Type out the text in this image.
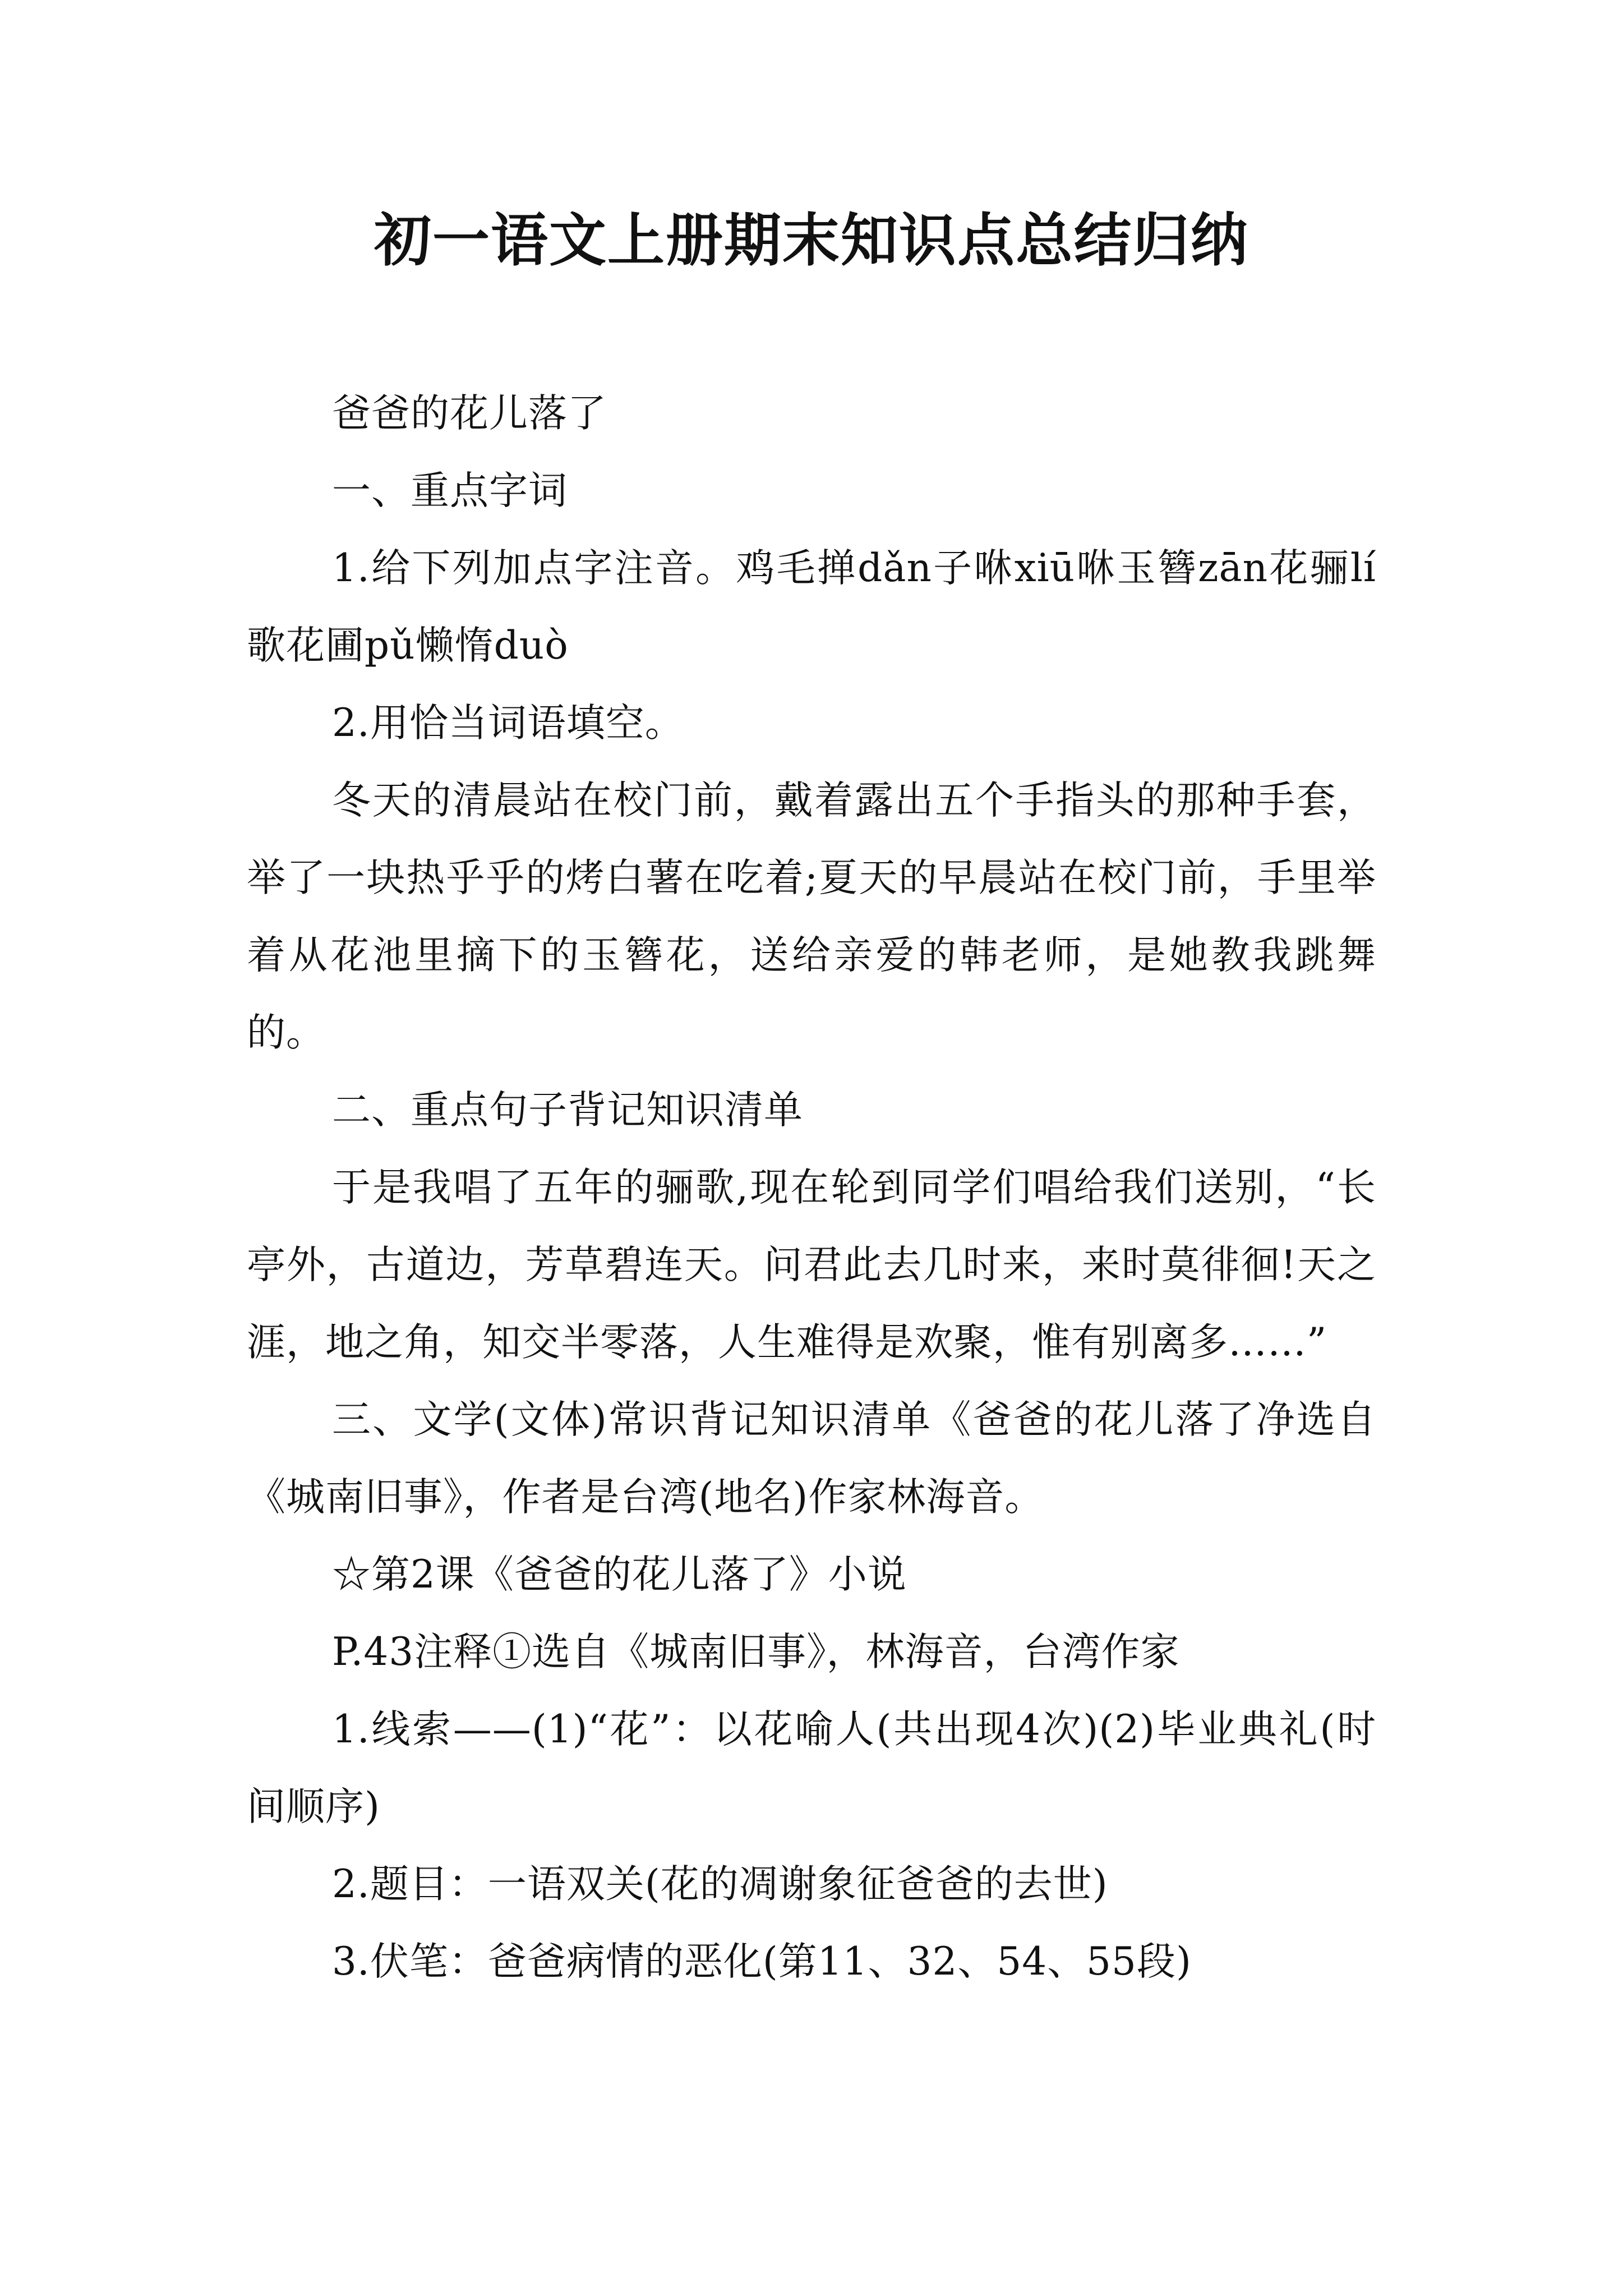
初一语文上册期末知识点总结归纳

爸爸的花儿落了

一、重点字词

1.给下列加点字注音。鸡毛掸dǎn子咻xiū咻玉簪zān花骊lí歌花圃pǔ懒惰duò

2.用恰当词语填空。

冬天的清晨站在校门前，戴着露出五个手指头的那种手套，举了一块热乎乎的烤白薯在吃着;夏天的早晨站在校门前，手里举着从花池里摘下的玉簪花，送给亲爱的韩老师，是她教我跳舞的。

二、重点句子背记知识清单

于是我唱了五年的骊歌,现在轮到同学们唱给我们送别，“长亭外，古道边，芳草碧连天。问君此去几时来，来时莫徘徊!天之涯，地之角，知交半零落，人生难得是欢聚，惟有别离多……”

三、文学(文体)常识背记知识清单《爸爸的花儿落了净选自《城南旧事》，作者是台湾(地名)作家林海音。

☆第2课《爸爸的花儿落了》小说

P.43注释①选自《城南旧事》，林海音，台湾作家

1.线索——(1)“花”：以花喻人(共出现4次)(2)毕业典礼(时间顺序)

2.题目：一语双关(花的凋谢象征爸爸的去世)

3.伏笔：爸爸病情的恶化(第11、32、54、55段)
